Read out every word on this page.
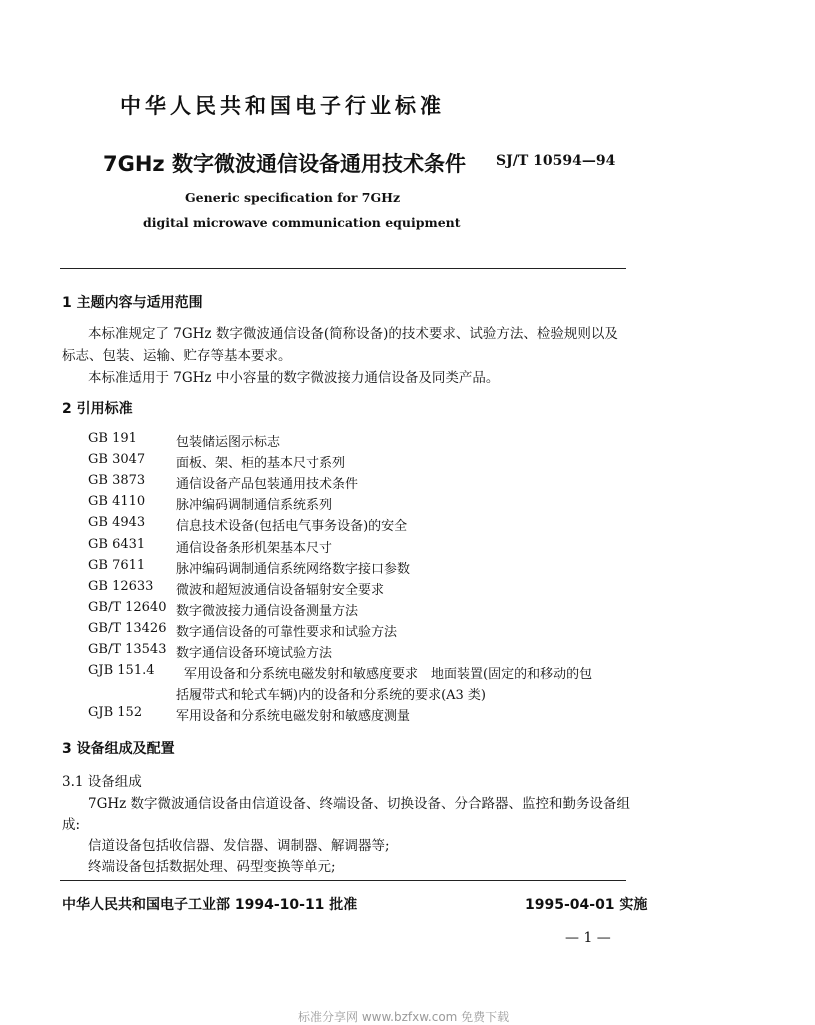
中华人民共和国电子行业标准
7GHz 数字微波通信设备通用技术条件 SJ/T 10594—94
Generic specification for 7GHz
digital microwave communication equipment
1 主题内容与适用范围
本标准规定了 7GHz 数字微波通信设备(简称设备)的技术要求、试验方法、检验规则以及
标志、包装、运输、贮存等基本要求。
本标准适用于 7GHz 中小容量的数字微波接力通信设备及同类产品。
2 引用标准
GB 191	包装储运图示标志
GB 3047 面板、架、柜的基本尺寸系列
GB 3873 通信设备产品包装通用技术条件
GB 4110 脉冲编码调制通信系统系列
GB 4943 信息技术设备(包括电气事务设备)的安全
GB 6431 通信设备条形机架基本尺寸
GB 7611 脉冲编码调制通信系统网络数字接口参数
GB 12633 微波和超短波通信设备辐射安全要求
GB/T 12640 数字微波接力通信设备测量方法
GB/T 13426 数字通信设备的可靠性要求和试验方法
GB/T 13543 数字通信设备环境试验方法
GJB 151.4 军用设备和分系统电磁发射和敏感度要求　地面装置(固定的和移动的包
括履带式和轮式车辆)内的设备和分系统的要求(A3 类)
GJB 152	军用设备和分系统电磁发射和敏感度测量
3 设备组成及配置
3.1 设备组成
7GHz 数字微波通信设备由信道设备、终端设备、切换设备、分合路器、监控和勤务设备组
成:
信道设备包括收信器、发信器、调制器、解调器等;
终端设备包括数据处理、码型变换等单元;
中华人民共和国电子工业部 1994-10-11 批准	1995-04-01 实施
— 1 —
标准分享网 www.bzfxw.com 免费下载
